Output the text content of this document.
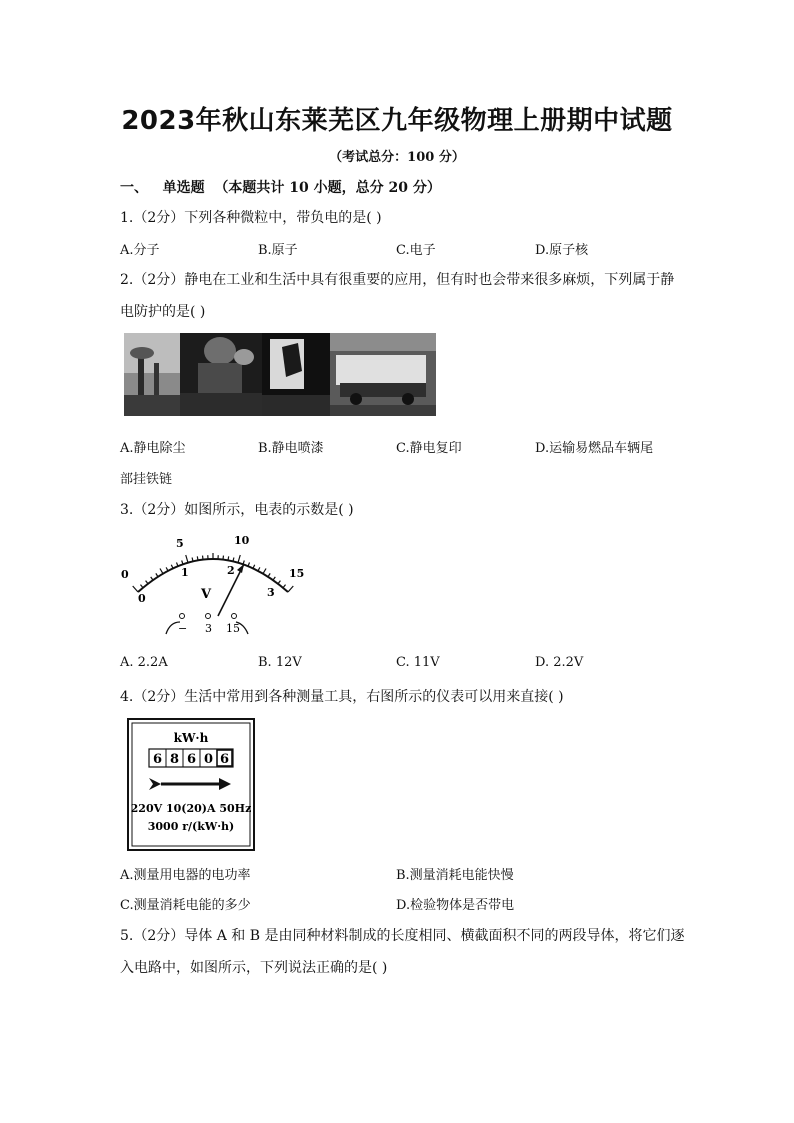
2023年秋山东莱芜区九年级物理上册期中试题
（考试总分：100 分）
一、 单选题 （本题共计 10 小题，总分 20 分）
1.（2分）下列各种微粒中，带负电的是( )
A.分子	B.原子	C.电子	D.原子核
2.（2分）静电在工业和生活中具有很重要的应用，但有时也会带来很多麻烦，下列属于静
电防护的是( )
A.静电除尘	B.静电喷漆	C.静电复印	D.运输易燃品车辆尾
部挂铁链
3.（2分）如图所示，电表的示数是( )
0
5	10
15
0
1	2
3
V
− 3 15
A. 2.2A	B. 12V	C. 11V	D. 2.2V
4.（2分）生活中常用到各种测量工具，右图所示的仪表可以用来直接( )
kW·h
6 8 6 0 6
220V 10(20)A 50Hz
3000 r/(kW·h)
A.测量用电器的电功率	B.测量消耗电能快慢
C.测量消耗电能的多少	D.检验物体是否带电
5.（2分）导体 A 和 B 是由同种材料制成的长度相同、横截面积不同的两段导体，将它们逐
入电路中，如图所示，下列说法正确的是( )
